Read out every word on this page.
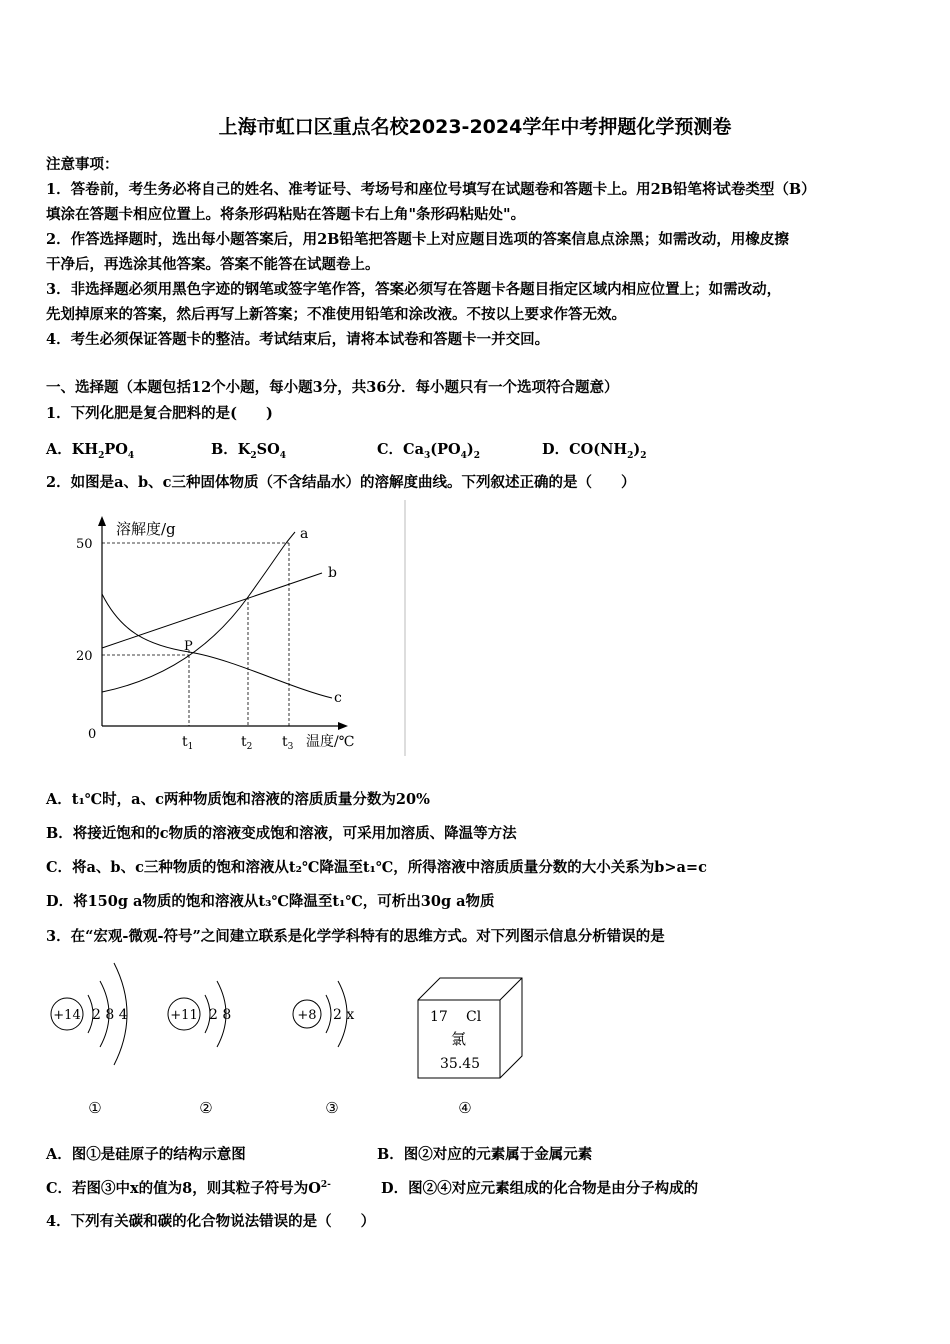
上海市虹口区重点名校2023-2024学年中考押题化学预测卷
注意事项：
1．答卷前，考生务必将自己的姓名、准考证号、考场号和座位号填写在试题卷和答题卡上。用2B铅笔将试卷类型（B）
填涂在答题卡相应位置上。将条形码粘贴在答题卡右上角"条形码粘贴处"。
2．作答选择题时，选出每小题答案后，用2B铅笔把答题卡上对应题目选项的答案信息点涂黑；如需改动，用橡皮擦
干净后，再选涂其他答案。答案不能答在试题卷上。
3．非选择题必须用黑色字迹的钢笔或签字笔作答，答案必须写在答题卡各题目指定区域内相应位置上；如需改动，
先划掉原来的答案，然后再写上新答案；不准使用铅笔和涂改液。不按以上要求作答无效。
4．考生必须保证答题卡的整洁。考试结束后，请将本试卷和答题卡一并交回。
一、选择题（本题包括12个小题，每小题3分，共36分．每小题只有一个选项符合题意）
1．下列化肥是复合肥料的是(　　)
A．$KH_2PO_4$	B．$K_2SO_4$	C．$Ca_3(PO_4)_2$	D．$CO(NH_2)_2$
2．如图是a、b、c三种固体物质（不含结晶水）的溶解度曲线。下列叙述正确的是（　　）
溶解度/g
50
20
0
a
b
c
P
$t_1$	$t_2$ $t_3$ 温度/℃
A．t₁℃时，a、c两种物质饱和溶液的溶质质量分数为20%
B．将接近饱和的c物质的溶液变成饱和溶液，可采用加溶质、降温等方法
C．将a、b、c三种物质的饱和溶液从t₂℃降温至t₁℃，所得溶液中溶质质量分数的大小关系为b>a=c
D．将150g a物质的饱和溶液从t₃℃降温至t₁℃，可析出30g a物质
3．在“宏观-微观-符号”之间建立联系是化学学科特有的思维方式。对下列图示信息分析错误的是
+14 2 8 4
①
+11 2 8
②
+8 2 x
③
17 Cl
氯
35.45
④
A．图①是硅原子的结构示意图	B．图②对应的元素属于金属元素
C．若图③中x的值为8，则其粒子符号为$O^{2-}$	D．图②④对应元素组成的化合物是由分子构成的
4．下列有关碳和碳的化合物说法错误的是（　　）
